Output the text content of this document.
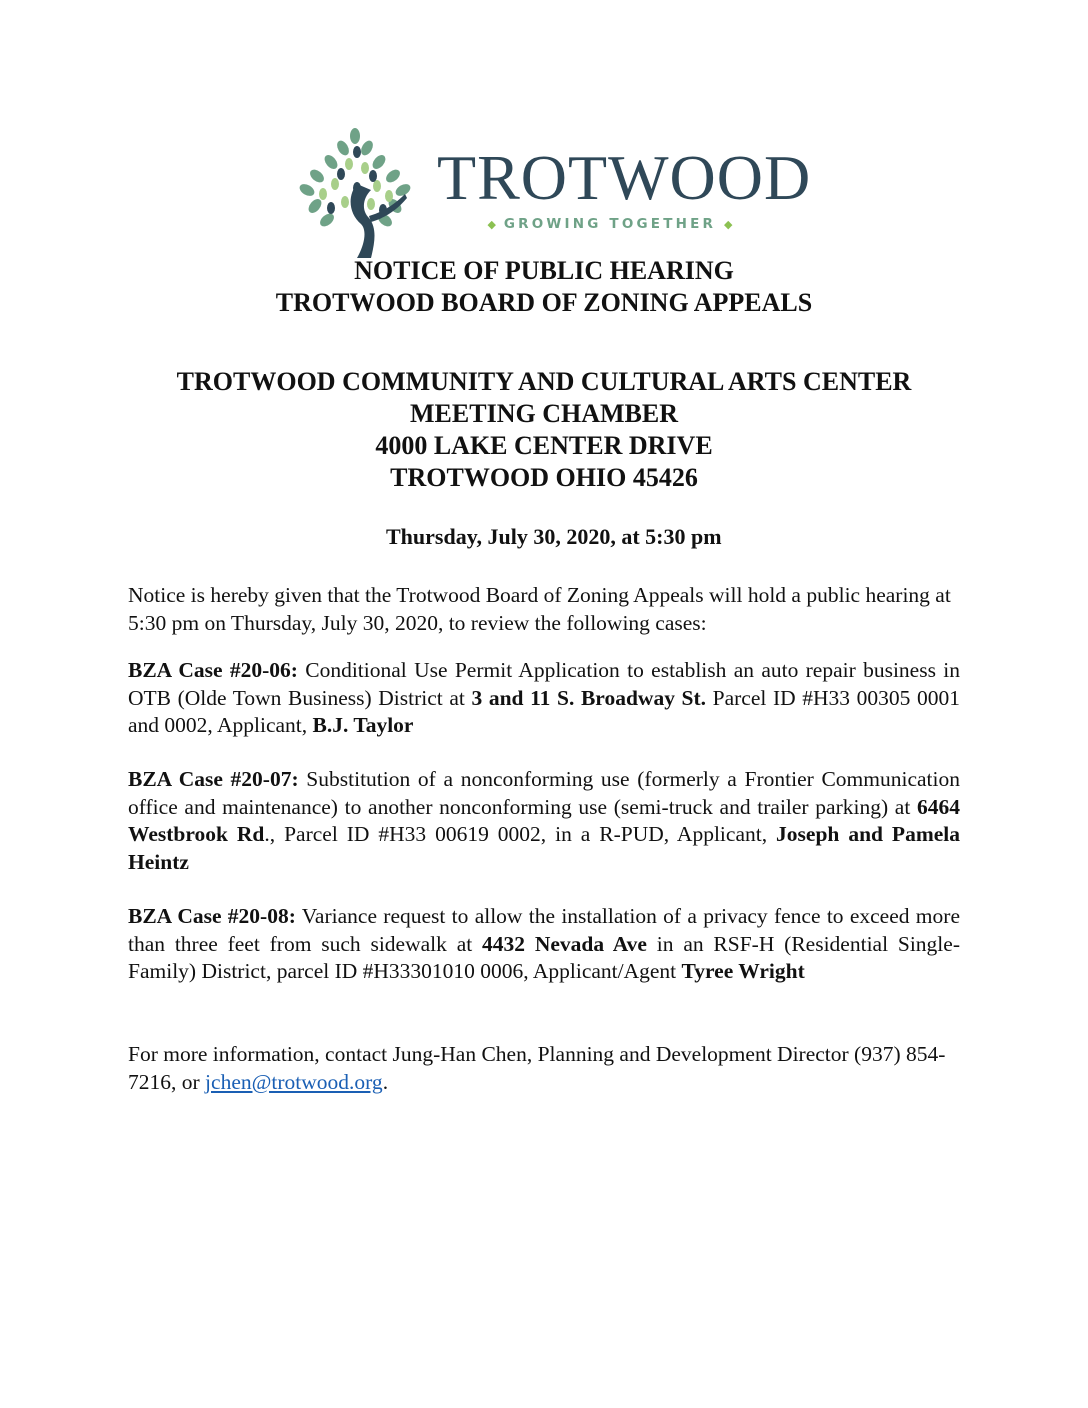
TROTWOOD
◆ GROWING TOGETHER ◆
NOTICE OF PUBLIC HEARING
TROTWOOD BOARD OF ZONING APPEALS
TROTWOOD COMMUNITY AND CULTURAL ARTS CENTER
MEETING CHAMBER
4000 LAKE CENTER DRIVE
TROTWOOD OHIO 45426
Thursday, July 30, 2020, at 5:30 pm
Notice is hereby given that the Trotwood Board of Zoning Appeals will hold a public hearing at 5:30 pm on Thursday, July 30, 2020, to review the following cases:
BZA Case #20-06: Conditional Use Permit Application to establish an auto repair business in OTB (Olde Town Business) District at 3 and 11 S. Broadway St. Parcel ID #H33 00305 0001 and 0002, Applicant, B.J. Taylor
BZA Case #20-07: Substitution of a nonconforming use (formerly a Frontier Communication office and maintenance) to another nonconforming use (semi-truck and trailer parking) at 6464 Westbrook Rd., Parcel ID #H33 00619 0002, in a R-PUD, Applicant, Joseph and Pamela Heintz
BZA Case #20-08: Variance request to allow the installation of a privacy fence to exceed more than three feet from such sidewalk at 4432 Nevada Ave in an RSF-H (Residential Single-Family) District, parcel ID #H33301010 0006, Applicant/Agent Tyree Wright
For more information, contact Jung-Han Chen, Planning and Development Director (937) 854-7216, or jchen@trotwood.org.
